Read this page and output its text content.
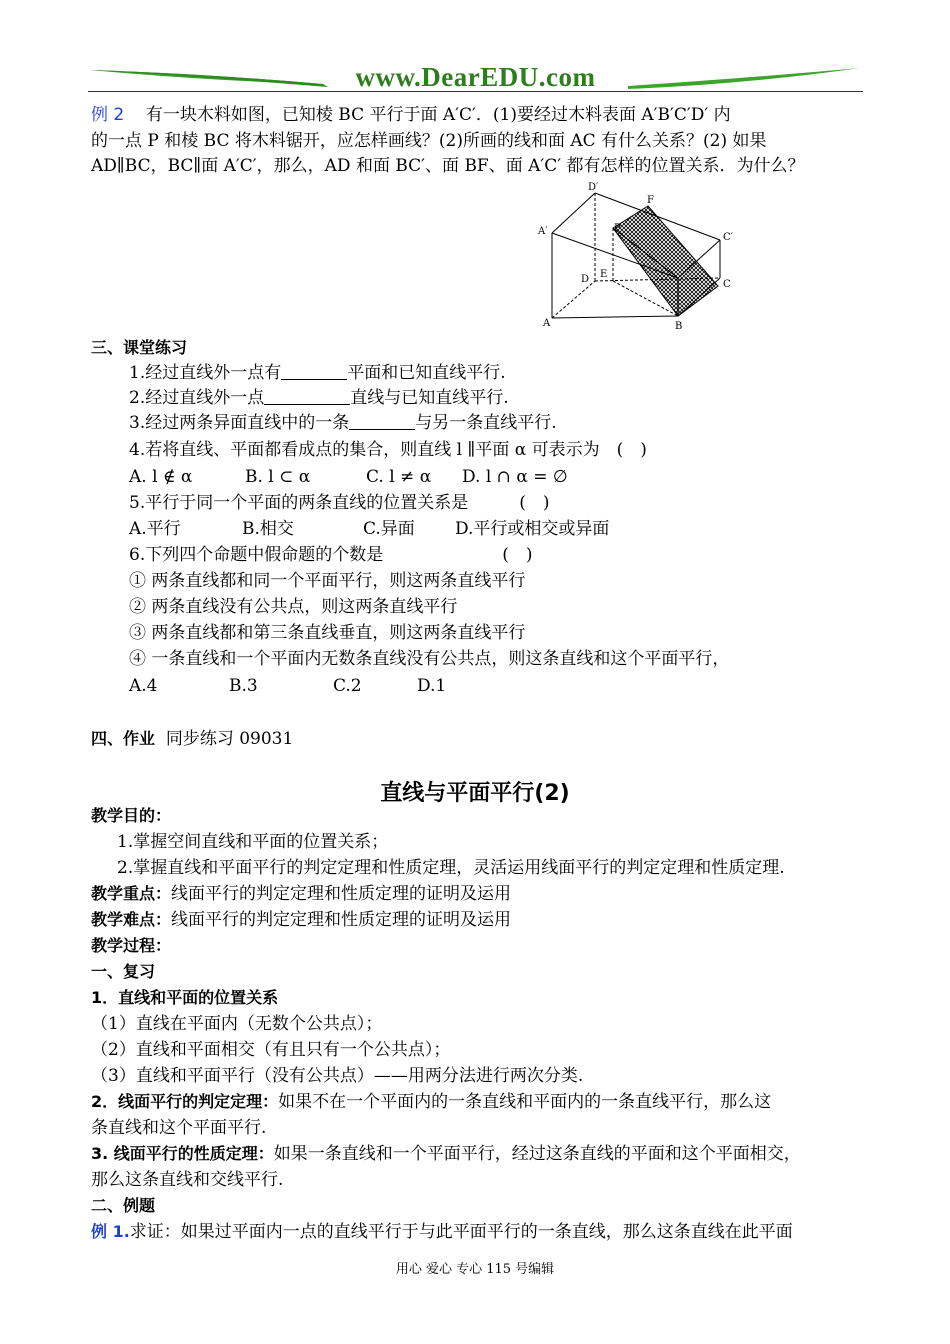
www.DearEDU.com
例 2 有一块木料如图，已知棱 BC 平行于面 A′C′．(1)要经过木料表面 A′B′C′D′ 内
的一点 P 和棱 BC 将木料锯开，应怎样画线？(2)所画的线和面 AC 有什么关系？(2) 如果
AD∥BC，BC∥面 A′C′，那么，AD 和面 BC′、面 BF、面 A′C′ 都有怎样的位置关系．为什么？
D′
F
A′	P
C′
D E
C
A	B
三、课堂练习
1.经过直线外一点有	平面和已知直线平行.
2.经过直线外一点	直线与已知直线平行.
3.经过两条异面直线中的一条	与另一条直线平行.
4.若将直线、平面都看成点的集合，则直线 l ∥平面 α 可表示为　(　)
A. l ∉ α	B. l ⊂ α	C. l ≠ α D. l ∩ α = ∅
5.平行于同一个平面的两条直线的位置关系是　　　(　)
A.平行	B.相交	C.异面 D.平行或相交或异面
6.下列四个命题中假命题的个数是　　　　　　　(　)
① 两条直线都和同一个平面平行，则这两条直线平行
② 两条直线没有公共点，则这两条直线平行
③ 两条直线都和第三条直线垂直，则这两条直线平行
④ 一条直线和一个平面内无数条直线没有公共点，则这条直线和这个平面平行，
A.4	B.3	C.2	D.1
四、作业 同步练习 09031
直线与平面平行(2)
教学目的：
1.掌握空间直线和平面的位置关系；
2.掌握直线和平面平行的判定定理和性质定理，灵活运用线面平行的判定定理和性质定理.
教学重点：线面平行的判定定理和性质定理的证明及运用
教学难点：线面平行的判定定理和性质定理的证明及运用
教学过程：
一、复习
1．直线和平面的位置关系
（1）直线在平面内（无数个公共点）；
（2）直线和平面相交（有且只有一个公共点）；
（3）直线和平面平行（没有公共点）——用两分法进行两次分类.
2．线面平行的判定定理：如果不在一个平面内的一条直线和平面内的一条直线平行，那么这
条直线和这个平面平行.
3. 线面平行的性质定理：如果一条直线和一个平面平行，经过这条直线的平面和这个平面相交，
那么这条直线和交线平行.
二、例题
例 1.求证：如果过平面内一点的直线平行于与此平面平行的一条直线，那么这条直线在此平面
用心 爱心 专心 115 号编辑
